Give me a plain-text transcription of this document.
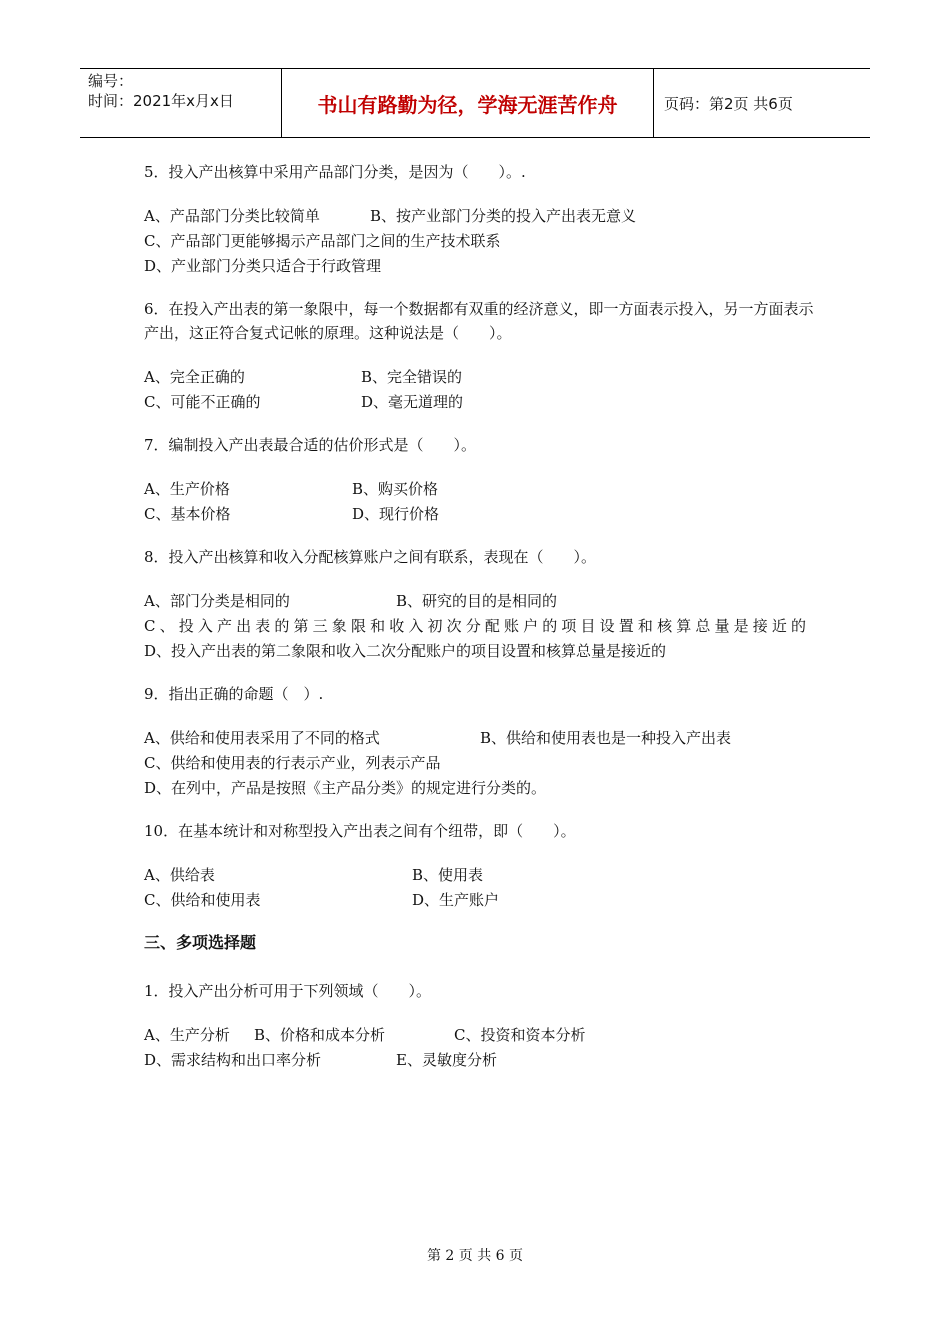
编号：
时间：2021年x月x日	书山有路勤为径，学海无涯苦作舟	页码：第2页 共6页

5．投入产出核算中采用产品部门分类，是因为（　　）。.

A、产品部门分类比较简单	B、按产业部门分类的投入产出表无意义
C、产品部门更能够揭示产品部门之间的生产技术联系
D、产业部门分类只适合于行政管理

6．在投入产出表的第一象限中，每一个数据都有双重的经济意义，即一方面表示投入，另一方面表示产出，这正符合复式记帐的原理。这种说法是（　　）。

A、完全正确的	B、完全错误的
C、可能不正确的	D、毫无道理的

7．编制投入产出表最合适的估价形式是（　　）。

A、生产价格	B、购买价格
C、基本价格	D、现行价格

8．投入产出核算和收入分配核算账户之间有联系，表现在（　　）。

A、部门分类是相同的	B、研究的目的是相同的
C、投入产出表的第三象限和收入初次分配账户的项目设置和核算总量是接近的
D、投入产出表的第二象限和收入二次分配账户的项目设置和核算总量是接近的

9．指出正确的命题（　）.

A、供给和使用表采用了不同的格式	B、供给和使用表也是一种投入产出表
C、供给和使用表的行表示产业，列表示产品
D、在列中，产品是按照《主产品分类》的规定进行分类的。

10．在基本统计和对称型投入产出表之间有个纽带，即（　　）。

A、供给表	B、使用表
C、供给和使用表	D、生产账户
三、多项选择题

1．投入产出分析可用于下列领域（　　）。

A、生产分析 B、价格和成本分析	C、投资和资本分析
D、需求结构和出口率分析	E、灵敏度分析
第 2 页 共 6 页
